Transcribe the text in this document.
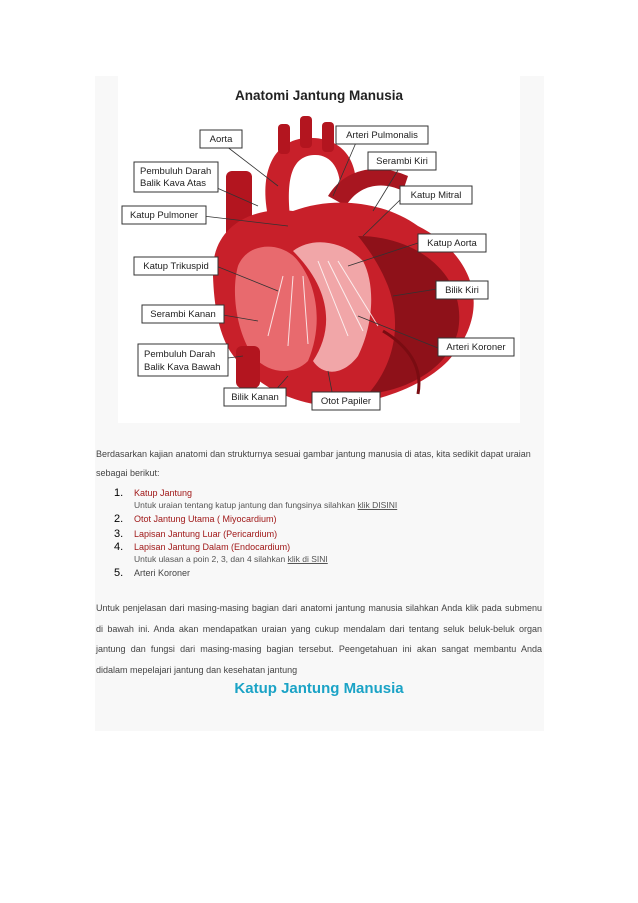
Anatomi Jantung Manusia
Aorta	Arteri Pulmonalis
Serambi Kiri
Pembuluh Darah
Balik Kava Atas
Katup Mitral
Katup Pulmoner
Katup Aorta
Katup Trikuspid
Bilik Kiri
Serambi Kanan
Arteri Koroner
Pembuluh Darah
Balik Kava Bawah
Bilik Kanan	Otot Papiler

Berdasarkan kajian anatomi dan strukturnya sesuai gambar jantung manusia di atas, kita sedikit dapat uraian sebagai berikut:

1. Katup Jantung
Untuk uraian tentang katup jantung dan fungsinya silahkan klik DISINI
2. Otot Jantung Utama ( Miyocardium)
3. Lapisan Jantung Luar (Pericardium)
4. Lapisan Jantung Dalam (Endocardium)
Untuk ulasan a poin 2, 3, dan 4 silahkan klik di SINI
5. Arteri Koroner

Untuk penjelasan dari masing-masing bagian dari anatomi jantung manusia silahkan Anda klik pada submenu di bawah ini. Anda akan mendapatkan uraian yang cukup mendalam dari tentang seluk beluk-beluk organ jantung dan fungsi dari masing-masing bagian tersebut. Peengetahuan ini akan sangat membantu Anda didalam mepelajari jantung dan kesehatan jantung

Katup Jantung Manusia
